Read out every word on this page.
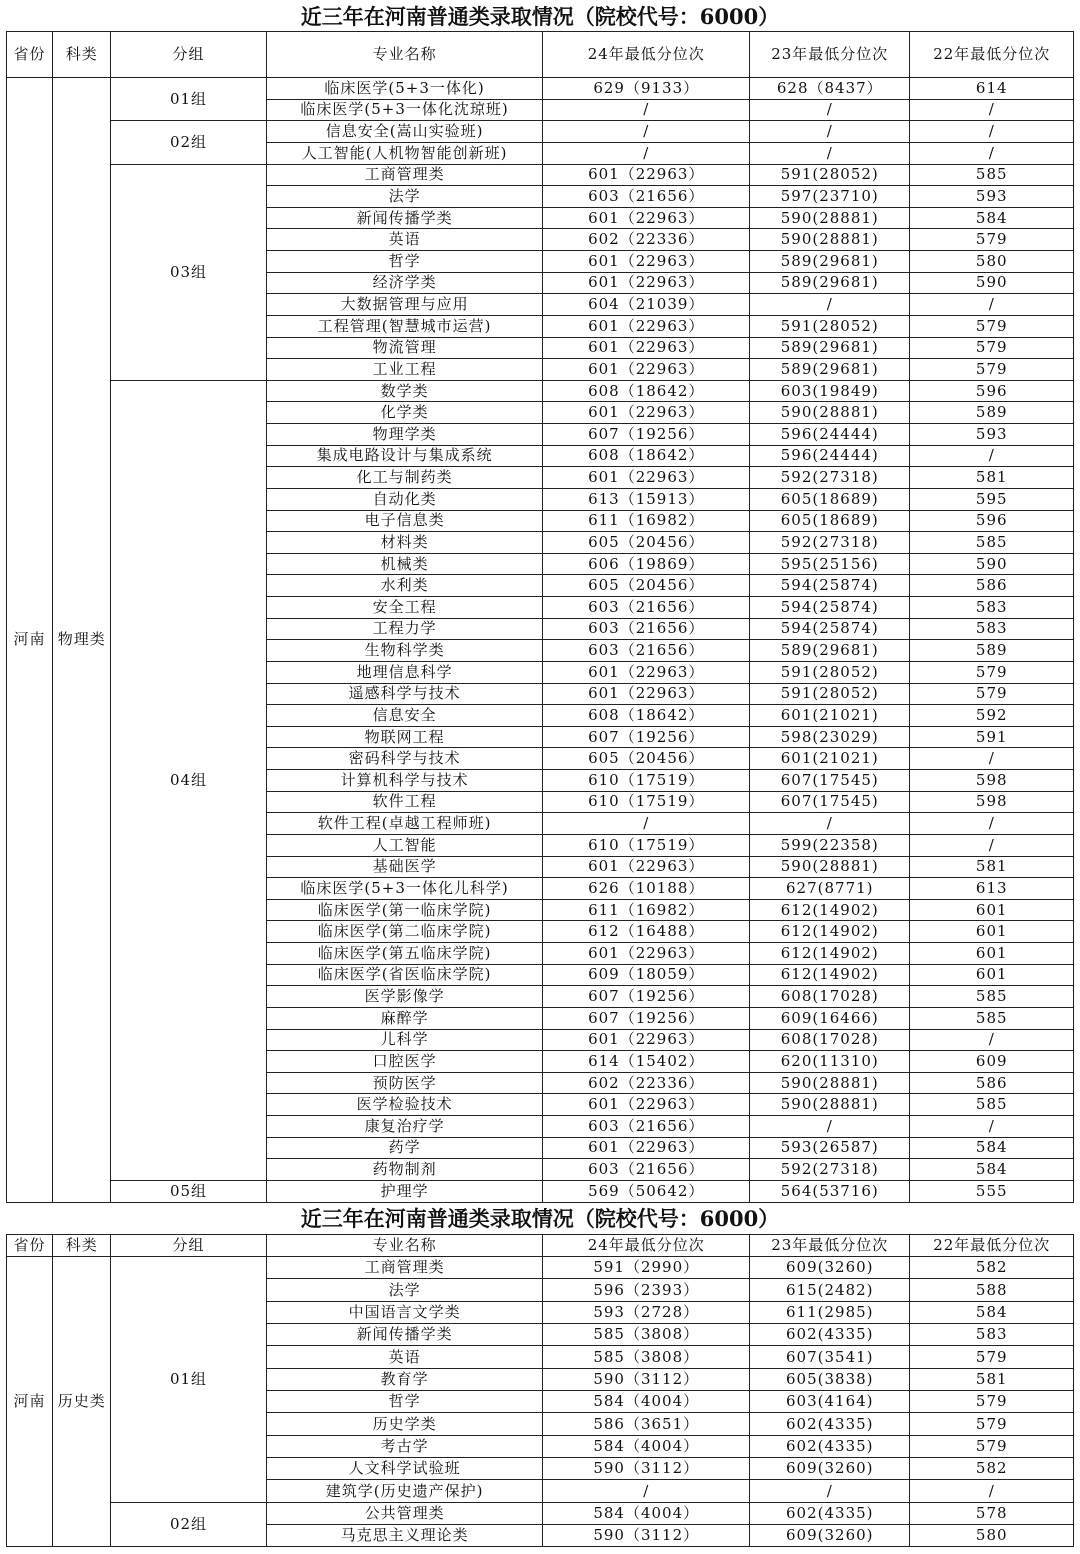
近三年在河南普通类录取情况（院校代号：6000）
省份	科类	分组	专业名称	24年最低分位次	23年最低分位次	22年最低分位次
河南	物理类	01组	临床医学(5+3一体化)	629（9133）	628（8437）	614
			临床医学(5+3一体化沈琼班)	/	/	/
		02组	信息安全(嵩山实验班)	/	/	/
			人工智能(人机物智能创新班)	/	/	/
		03组	工商管理类	601（22963）	591(28052)	585
			法学	603（21656）	597(23710)	593
			新闻传播学类	601（22963）	590(28881)	584
			英语	602（22336）	590(28881)	579
			哲学	601（22963）	589(29681)	580
			经济学类	601（22963）	589(29681)	590
			大数据管理与应用	604（21039）	/	/
			工程管理(智慧城市运营)	601（22963）	591(28052)	579
			物流管理	601（22963）	589(29681)	579
			工业工程	601（22963）	589(29681)	579
		04组	数学类	608（18642）	603(19849)	596
			化学类	601（22963）	590(28881)	589
			物理学类	607（19256）	596(24444)	593
			集成电路设计与集成系统	608（18642）	596(24444)	/
			化工与制药类	601（22963）	592(27318)	581
			自动化类	613（15913）	605(18689)	595
			电子信息类	611（16982）	605(18689)	596
			材料类	605（20456）	592(27318)	585
			机械类	606（19869）	595(25156)	590
			水利类	605（20456）	594(25874)	586
			安全工程	603（21656）	594(25874)	583
			工程力学	603（21656）	594(25874)	583
			生物科学类	603（21656）	589(29681)	589
			地理信息科学	601（22963）	591(28052)	579
			遥感科学与技术	601（22963）	591(28052)	579
			信息安全	608（18642）	601(21021)	592
			物联网工程	607（19256）	598(23029)	591
			密码科学与技术	605（20456）	601(21021)	/
			计算机科学与技术	610（17519）	607(17545)	598
			软件工程	610（17519）	607(17545)	598
			软件工程(卓越工程师班)	/	/	/
			人工智能	610（17519）	599(22358)	/
			基础医学	601（22963）	590(28881)	581
			临床医学(5+3一体化儿科学)	626（10188）	627(8771)	613
			临床医学(第一临床学院)	611（16982）	612(14902)	601
			临床医学(第二临床学院)	612（16488）	612(14902)	601
			临床医学(第五临床学院)	601（22963）	612(14902)	601
			临床医学(省医临床学院)	609（18059）	612(14902)	601
			医学影像学	607（19256）	608(17028)	585
			麻醉学	607（19256）	609(16466)	585
			儿科学	601（22963）	608(17028)	/
			口腔医学	614（15402）	620(11310)	609
			预防医学	602（22336）	590(28881)	586
			医学检验技术	601（22963）	590(28881)	585
			康复治疗学	603（21656）	/	/
			药学	601（22963）	593(26587)	584
			药物制剂	603（21656）	592(27318)	584
		05组	护理学	569（50642）	564(53716)	555
近三年在河南普通类录取情况（院校代号：6000）
省份	科类	分组	专业名称	24年最低分位次	23年最低分位次	22年最低分位次
河南	历史类	01组	工商管理类	591（2990）	609(3260)	582
			法学	596（2393）	615(2482)	588
			中国语言文学类	593（2728）	611(2985)	584
			新闻传播学类	585（3808）	602(4335)	583
			英语	585（3808）	607(3541)	579
			教育学	590（3112）	605(3838)	581
			哲学	584（4004）	603(4164)	579
			历史学类	586（3651）	602(4335)	579
			考古学	584（4004）	602(4335)	579
			人文科学试验班	590（3112）	609(3260)	582
			建筑学(历史遗产保护)	/	/	/
		02组	公共管理类	584（4004）	602(4335)	578
			马克思主义理论类	590（3112）	609(3260)	580
